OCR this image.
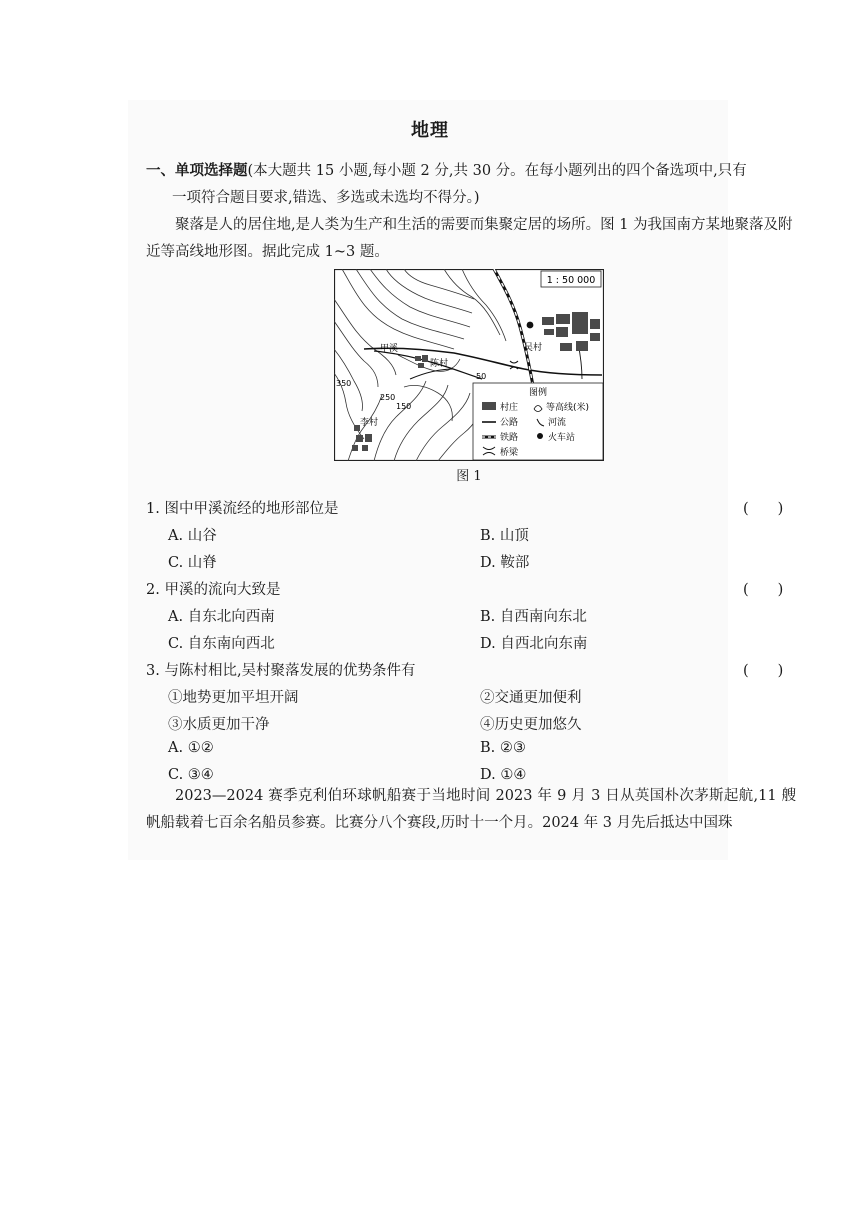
地理
一、单项选择题(本大题共 15 小题,每小题 2 分,共 30 分。在每小题列出的四个备选项中,只有
一项符合题目要求,错选、多选或未选均不得分。)
聚落是人的居住地,是人类为生产和生活的需要而集聚定居的场所。图 1 为我国南方某地聚落及附近等高线地形图。据此完成 1~3 题。
1 : 50 000
甲溪
陈村
吴村
李村
350
250
150
50
图例
村庄	等高线(米)
公路	河流
铁路	火车站
桥梁
图 1
1. 图中甲溪流经的地形部位是	(　　)
A. 山谷	B. 山顶
C. 山脊	D. 鞍部
2. 甲溪的流向大致是	(　　)
A. 自东北向西南	B. 自西南向东北
C. 自东南向西北	D. 自西北向东南
3. 与陈村相比,吴村聚落发展的优势条件有	(　　)
①地势更加平坦开阔	②交通更加便利
③水质更加干净	④历史更加悠久
A. ①②	B. ②③
C. ③④	D. ①④
2023—2024 赛季克利伯环球帆船赛于当地时间 2023 年 9 月 3 日从英国朴次茅斯起航,11 艘帆船载着七百余名船员参赛。比赛分八个赛段,历时十一个月。2024 年 3 月先后抵达中国珠
